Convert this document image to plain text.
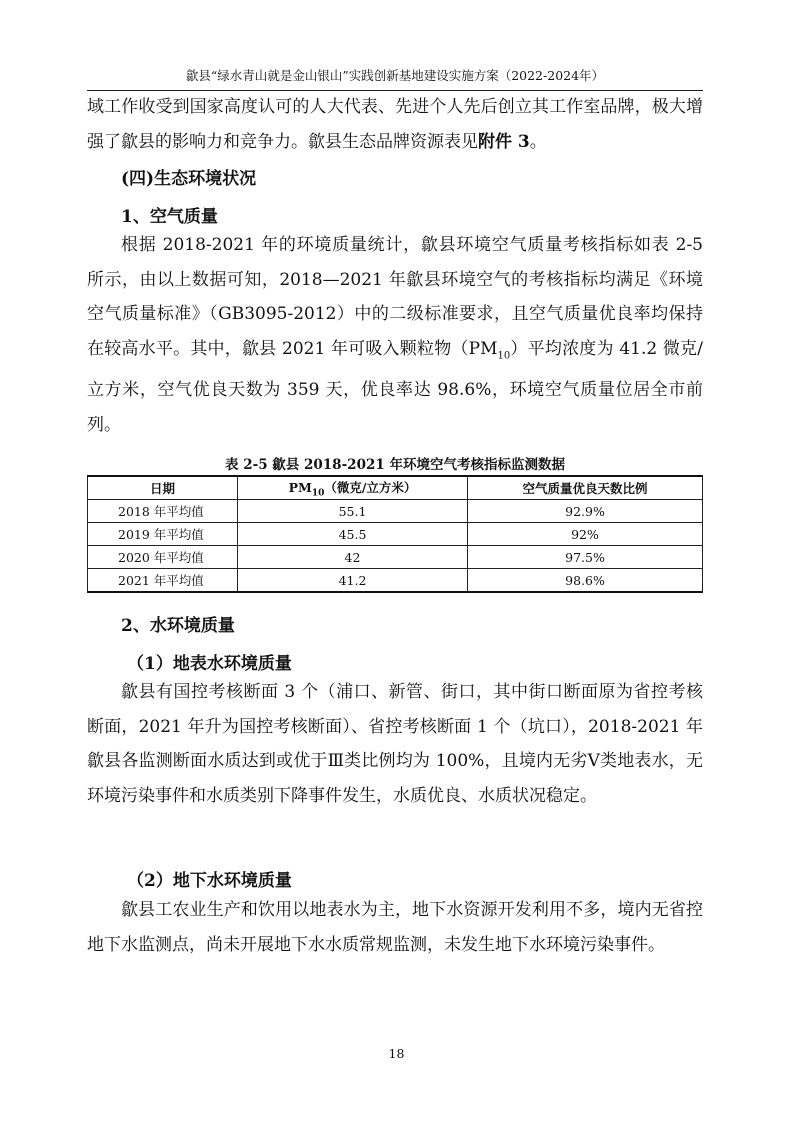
歙县“绿水青山就是金山银山”实践创新基地建设实施方案（2022-2024年）

域工作收受到国家高度认可的人大代表、先进个人先后创立其工作室品牌，极大增强了歙县的影响力和竞争力。歙县生态品牌资源表见附件 3。

(四)生态环境状况
1、空气质量

根据 2018-2021 年的环境质量统计，歙县环境空气质量考核指标如表 2-5 所示，由以上数据可知，2018—2021 年歙县环境空气的考核指标均满足《环境空气质量标准》（GB3095-2012）中的二级标准要求，且空气质量优良率均保持在较高水平。其中，歙县 2021 年可吸入颗粒物$(PM_{10})$平均浓度为 41.2 微克/立方米，空气优良天数为 359 天，优良率达 98.6%，环境空气质量位居全市前列。

表 2-5 歙县 2018-2021 年环境空气考核指标监测数据
日期	$PM_{10}$（微克/立方米）	空气质量优良天数比例
2018 年平均值	55.1	92.9%
2019 年平均值	45.5	92%
2020 年平均值	42	97.5%
2021 年平均值	41.2	98.6%
2、水环境质量
（1）地表水环境质量

歙县有国控考核断面 3 个（浦口、新管、街口，其中街口断面原为省控考核断面，2021 年升为国控考核断面）、省控考核断面 1 个（坑口），2018-2021 年歙县各监测断面水质达到或优于Ⅲ类比例均为 100%，且境内无劣Ⅴ类地表水，无环境污染事件和水质类别下降事件发生，水质优良、水质状况稳定。

（2）地下水环境质量

歙县工农业生产和饮用以地表水为主，地下水资源开发利用不多，境内无省控地下水监测点，尚未开展地下水水质常规监测，未发生地下水环境污染事件。

18
